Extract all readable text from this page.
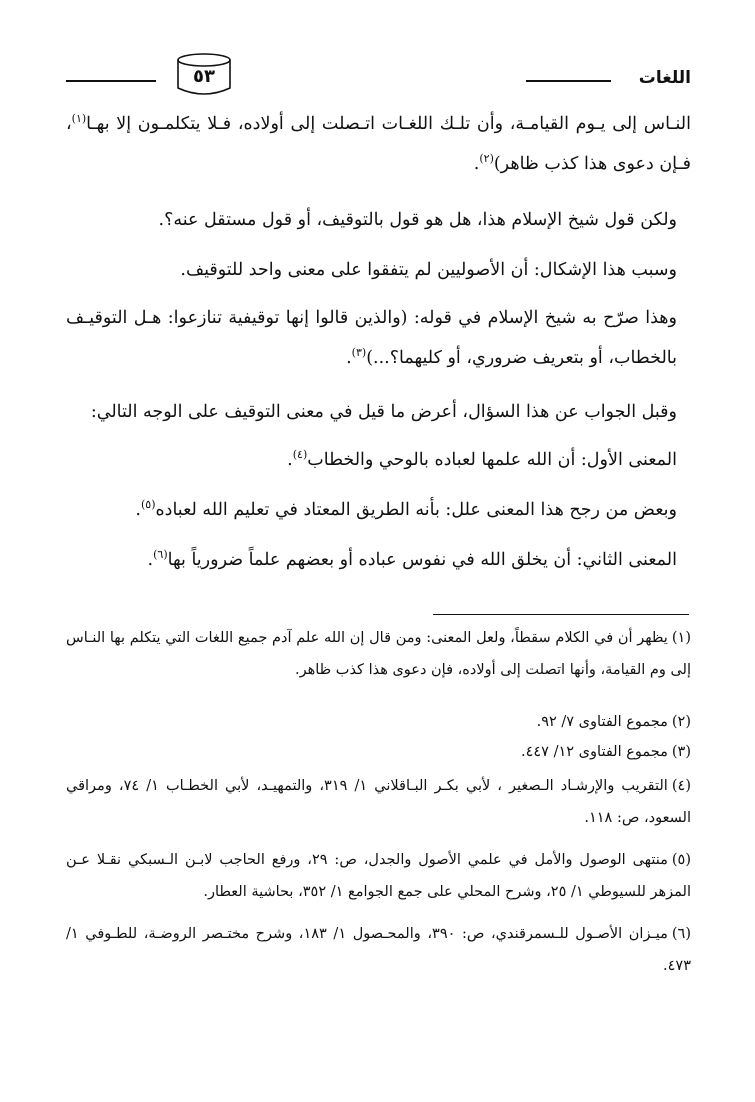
اللغات
٥٣
النـاس إلى يـوم القيامـة، وأن تلـك اللغـات اتـصلت إلى أولاده، فـلا يتكلمـون إلا بهـا$^{(١)}$، فـإن دعوى هذا كذب ظاهر)$^{(٢)}$.
ولكن قول شيخ الإسلام هذا، هل هو قول بالتوقيف، أو قول مستقل عنه؟.
وسبب هذا الإشكال: أن الأصوليين لم يتفقوا على معنى واحد للتوقيف.
وهذا صرّح به شيخ الإسلام في قوله: (والذين قالوا إنها توقيفية تنازعوا: هـل التوقيـف بالخطاب، أو بتعريف ضروري، أو كليهما؟...)$^{(٣)}$.
وقبل الجواب عن هذا السؤال، أعرض ما قيل في معنى التوقيف على الوجه التالي:
المعنى الأول: أن الله علمها لعباده بالوحي والخطاب$^{(٤)}$.
وبعض من رجح هذا المعنى علل: بأنه الطريق المعتاد في تعليم الله لعباده$^{(٥)}$.
المعنى الثاني: أن يخلق الله في نفوس عباده أو بعضهم علماً ضرورياً بها$^{(٦)}$.
(١)يظهر أن في الكلام سقطاً، ولعل المعنى: ومن قال إن الله علم آدم جميع اللغات التي يتكلم بها النـاس إلى وم القيامة، وأنها اتصلت إلى أولاده، فإن دعوى هذا كذب ظاهر.
(٢)مجموع الفتاوى ٧/ ٩٢.
(٣)مجموع الفتاوى ١٢/ ٤٤٧.
(٤)التقريب والإرشـاد الـصغير ، لأبي بكـر البـاقلاني ١/ ٣١٩، والتمهيـد، لأبي الخطـاب ١/ ٧٤، ومراقي السعود، ص: ١١٨.
(٥)منتهى الوصول والأمل في علمي الأصول والجدل، ص: ٢٩، ورفع الحاجب لابـن الـسبكي نقـلا عـن المزهر للسيوطي ١/ ٢٥، وشرح المحلي على جمع الجوامع ١/ ٣٥٢، بحاشية العطار.
(٦)ميـزان الأصـول للـسمرقندي، ص: ٣٩٠، والمحـصول ١/ ١٨٣، وشرح مختـصر الروضـة، للطـوفي ١/ ٤٧٣.
